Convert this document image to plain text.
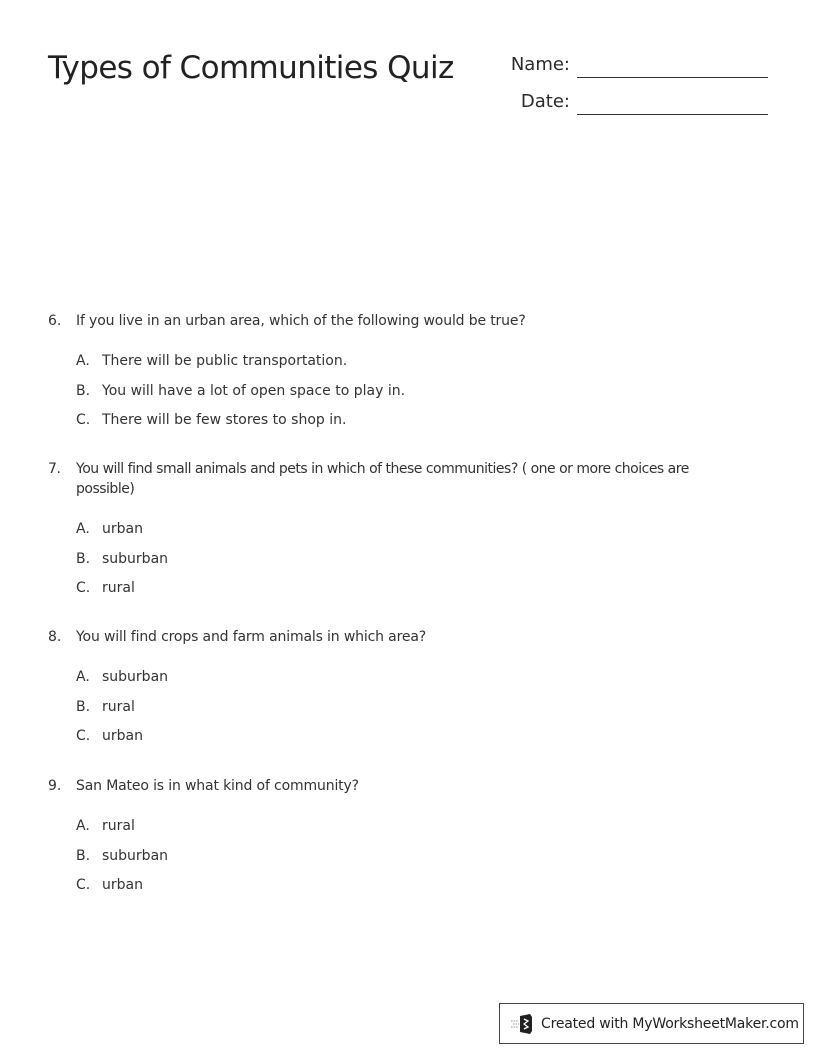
Types of Communities Quiz	Name:
Date:
6.	If you live in an urban area, which of the following would be true?
A. There will be public transportation.
B. You will have a lot of open space to play in.
C. There will be few stores to shop in.
7.	You will find small animals and pets in which of these communities? ( one or more choices are possible)
A. urban
B. suburban
C. rural
8.	You will find crops and farm animals in which area?
A. suburban
B. rural
C. urban
9.	San Mateo is in what kind of community?
A. rural
B. suburban
C. urban
Created with MyWorksheetMaker.com
